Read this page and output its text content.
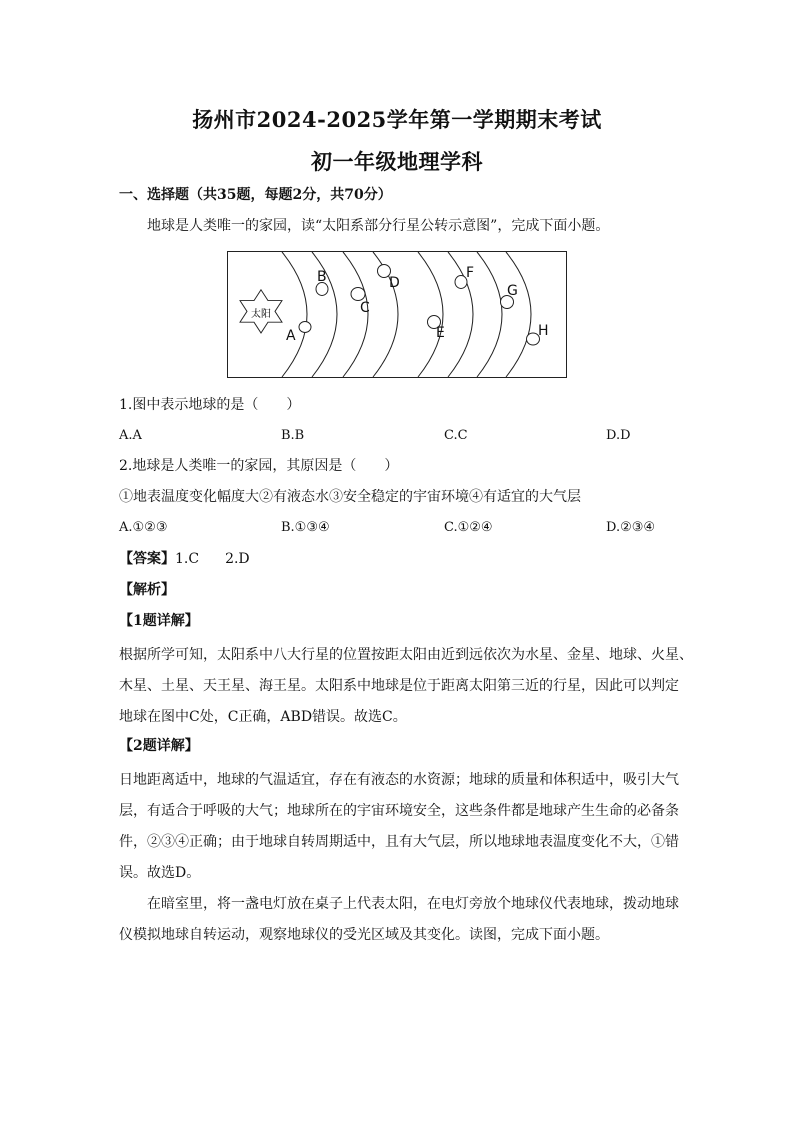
扬州市2024-2025学年第一学期期末考试
初一年级地理学科
一、选择题（共35题，每题2分，共70分）
地球是人类唯一的家园，读“太阳系部分行星公转示意图”，完成下面小题。
太阳
A
B
C
D
E
F
G
H
1.图中表示地球的是（　　）
A.A	B.B	C.C	D.D
2.地球是人类唯一的家园，其原因是（　　）
①地表温度变化幅度大②有液态水③安全稳定的宇宙环境④有适宜的大气层
A.①②③	B.①③④	C.①②④	D.②③④
【答案】1.C 2.D
【解析】
【1题详解】
根据所学可知，太阳系中八大行星的位置按距太阳由近到远依次为水星、金星、地球、火星、
木星、土星、天王星、海王星。太阳系中地球是位于距离太阳第三近的行星，因此可以判定
地球在图中C处，C正确，ABD错误。故选C。
【2题详解】
日地距离适中，地球的气温适宜，存在有液态的水资源；地球的质量和体积适中，吸引大气
层，有适合于呼吸的大气；地球所在的宇宙环境安全，这些条件都是地球产生生命的必备条
件，②③④正确；由于地球自转周期适中，且有大气层，所以地球地表温度变化不大，①错
误。故选D。
在暗室里，将一盏电灯放在桌子上代表太阳，在电灯旁放个地球仪代表地球，拨动地球
仪模拟地球自转运动，观察地球仪的受光区域及其变化。读图，完成下面小题。
